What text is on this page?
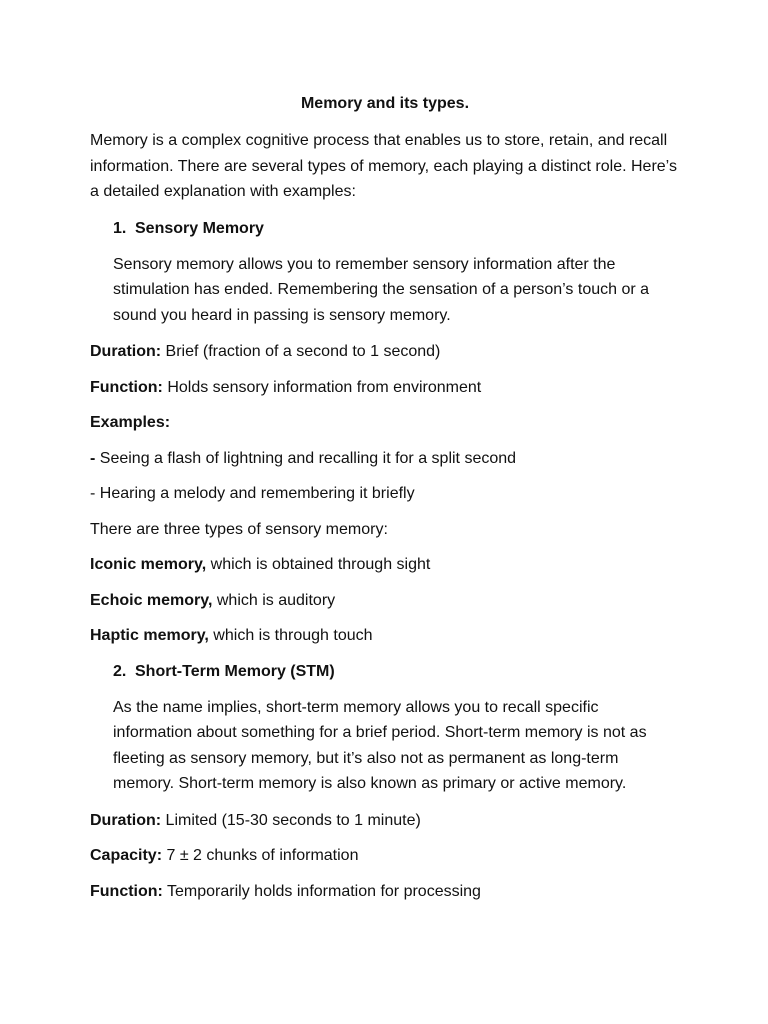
Memory and its types.

Memory is a complex cognitive process that enables us to store, retain, and recall information. There are several types of memory, each playing a distinct role. Here’s a detailed explanation with examples:

1. Sensory Memory

Sensory memory allows you to remember sensory information after the stimulation has ended. Remembering the sensation of a person’s touch or a sound you heard in passing is sensory memory.

Duration: Brief (fraction of a second to 1 second)
Function: Holds sensory information from environment
Examples:
- Seeing a flash of lightning and recalling it for a split second
- Hearing a melody and remembering it briefly
There are three types of sensory memory:
Iconic memory, which is obtained through sight
Echoic memory, which is auditory
Haptic memory, which is through touch
2. Short-Term Memory (STM)

As the name implies, short-term memory allows you to recall specific information about something for a brief period. Short-term memory is not as fleeting as sensory memory, but it’s also not as permanent as long-term memory. Short-term memory is also known as primary or active memory.

Duration: Limited (15-30 seconds to 1 minute)
Capacity: 7 ± 2 chunks of information
Function: Temporarily holds information for processing
